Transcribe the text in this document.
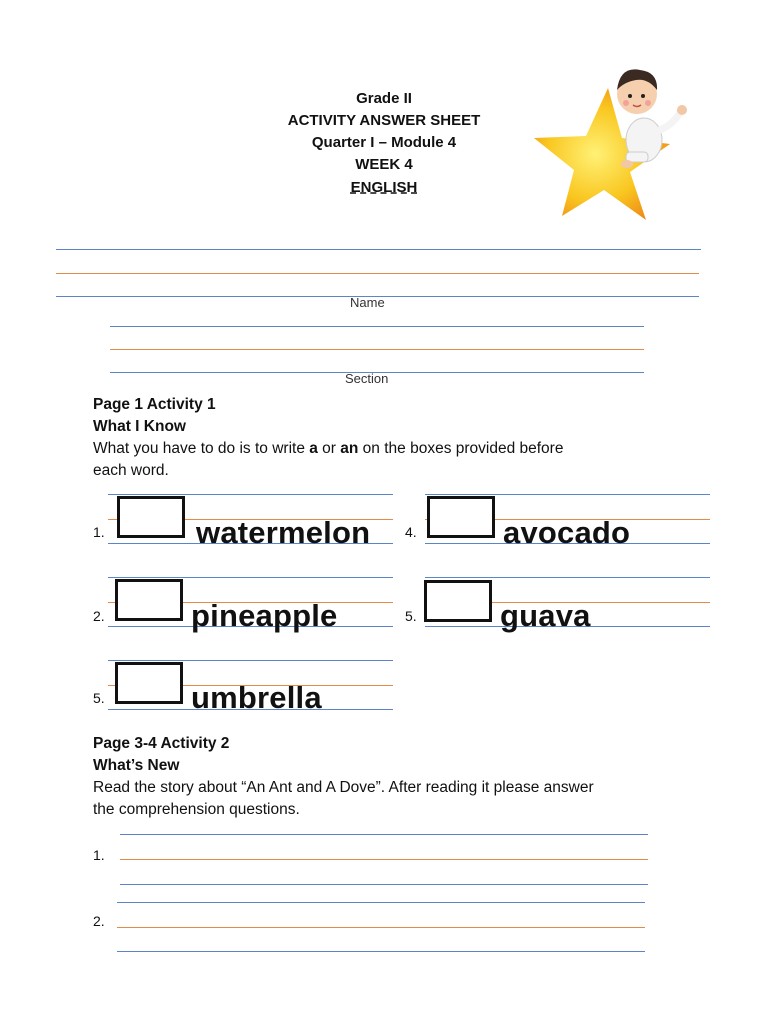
Grade II
ACTIVITY ANSWER SHEET
Quarter I – Module 4
WEEK 4
ENGLISH
Name
Section
Page 1 Activity 1
What I Know
What you have to do is to write a or an on the boxes provided before
each word.
1.	watermelon 4.	avocado
2.	pineapple	5.	guava
5.	umbrella
Page 3-4 Activity 2
What’s New
Read the story about “An Ant and A Dove”. After reading it please answer
the comprehension questions.
1.
2.
